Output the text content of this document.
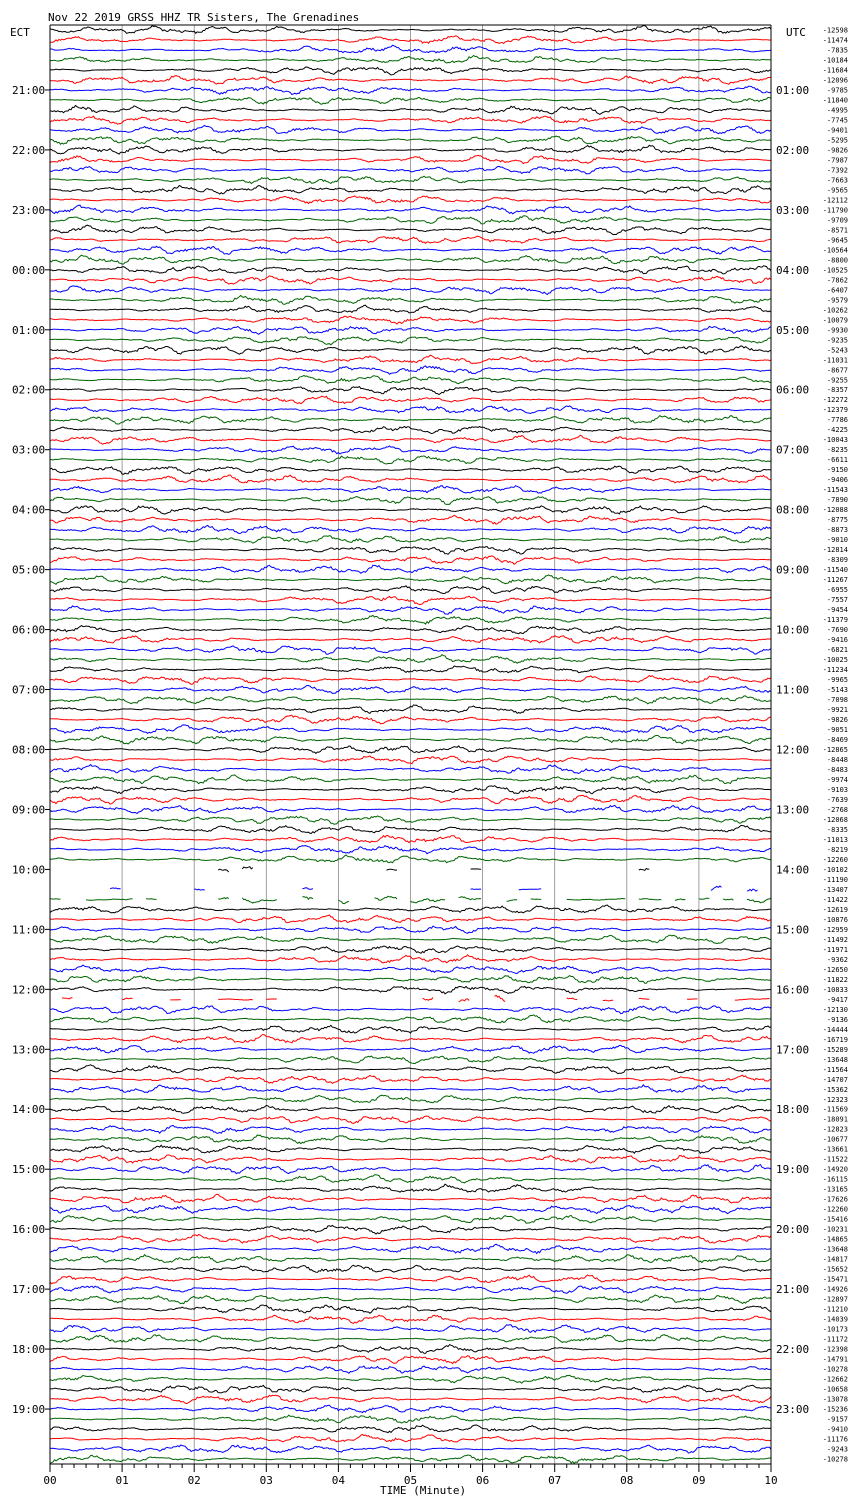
Nov 22 2019 GRSS HHZ TR Sisters, The Grenadines
ECT	UTC
TIME (Minute)
21:00
22:00
23:00
00:00
01:00
02:00
03:00
04:00
05:00
06:00
07:00
08:00
09:00
10:00
11:00
12:00
13:00
14:00
15:00
16:00
17:00
18:00
19:00
01:00
02:00
03:00
04:00
05:00
06:00
07:00
08:00
09:00
10:00
11:00
12:00
13:00
14:00
15:00
16:00
17:00
18:00
19:00
20:00
21:00
22:00
23:00
-12598
-11474
-7835
-10184
-11684
-12096
-9785
-11840
-4995
-7745
-9401
-5295
-9826
-7987
-7392
-7663
-9565
-12112
-11790
-9709
-8571
-9645
-10564
-8800
-10525
-7862
-6407
-9579
-10262
-10079
-9930
-9235
-5243
-11031
-8677
-9255
-8357
-12272
-12379
-7786
-4225
-10043
-8235
-6611
-9150
-9406
-11543
-7890
-12088
-8775
-8873
-9010
-12814
-8309
-11540
-11267
-6955
-7557
-9454
-11379
-7690
-9416
-6821
-10025
-11234
-9965
-5143
-7098
-9921
-9826
-9051
-8469
-12865
-8448
-8483
-9974
-9103
-7639
-2768
-12068
-8335
-11013
-8219
-12260
-10102
-11190
-13407
-11422
-12619
-10876
-12959
-11492
-11971
-9362
-12650
-11822
-10833
-9417
-12130
-9136
-14444
-16719
-15289
-13648
-11564
-14707
-15362
-12323
-11569
-18091
-12823
-10677
-13661
-11522
-14920
-16115
-13165
-17626
-12260
-15416
-10231
-14865
-13648
-14817
-15652
-15471
-14926
-12897
-11210
-14039
-10173
-11172
-12398
-14791
-10278
-12662
-10658
-13078
-15236
-9157
-9410
-11176
-9243
-10278
00	01	02	03	04	05	06	07	08	09	10
